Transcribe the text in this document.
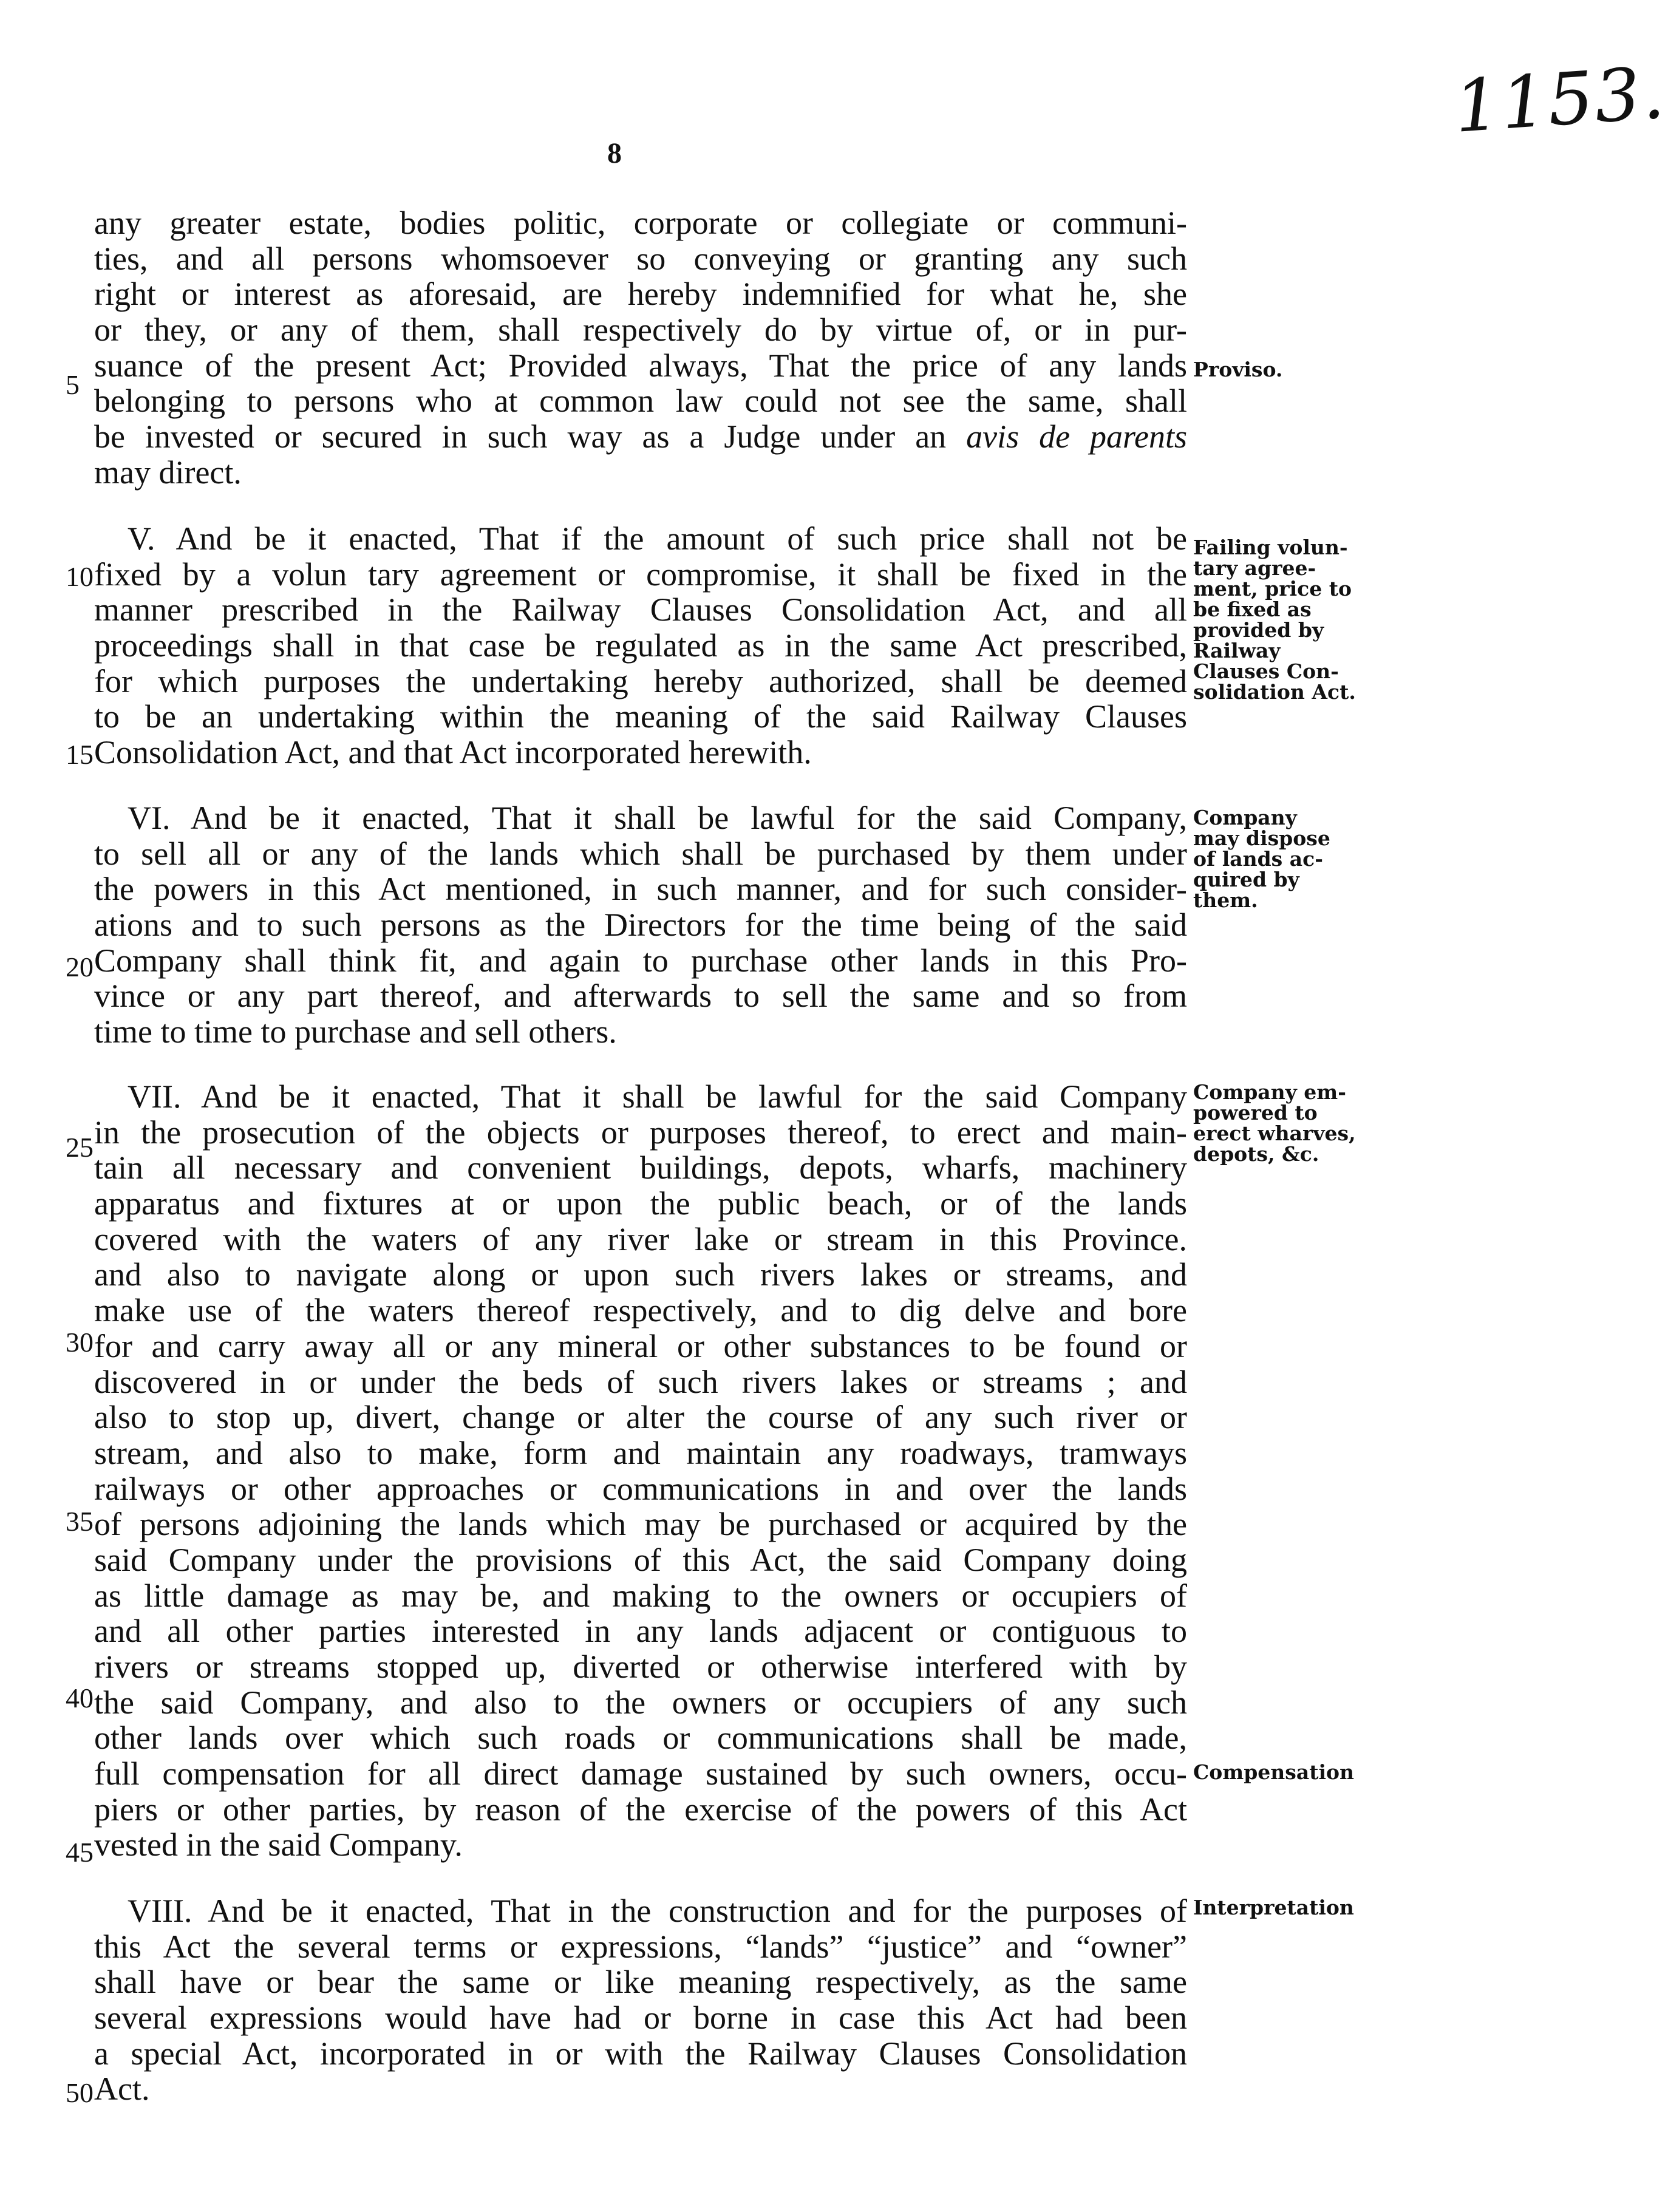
8
1153.
any greater estate, bodies politic, corporate or collegiate or communi-
ties, and all persons whomsoever so conveying or granting any such
right or interest as aforesaid, are hereby indemnified for what he, she
or they, or any of them, shall respectively do by virtue of, or in pur-
suance of the present Act; Provided always, That the price of any lands
belonging to persons who at common law could not see the same, shall
be invested or secured in such way as a Judge under an avis de parents
may direct.
V. And be it enacted, That if the amount of such price shall not be
fixed by a volun tary agreement or compromise, it shall be fixed in the
manner prescribed in the Railway Clauses Consolidation Act, and all
proceedings shall in that case be regulated as in the same Act prescribed,
for which purposes the undertaking hereby authorized, shall be deemed
to be an undertaking within the meaning of the said Railway Clauses
Consolidation Act, and that Act incorporated herewith.
VI. And be it enacted, That it shall be lawful for the said Company,
to sell all or any of the lands which shall be purchased by them under
the powers in this Act mentioned, in such manner, and for such consider-
ations and to such persons as the Directors for the time being of the said
Company shall think fit, and again to purchase other lands in this Pro-
vince or any part thereof, and afterwards to sell the same and so from
time to time to purchase and sell others.
VII. And be it enacted, That it shall be lawful for the said Company
in the prosecution of the objects or purposes thereof, to erect and main-
tain all necessary and convenient buildings, depots, wharfs, machinery
apparatus and fixtures at or upon the public beach, or of the lands
covered with the waters of any river lake or stream in this Province.
and also to navigate along or upon such rivers lakes or streams, and
make use of the waters thereof respectively, and to dig delve and bore
for and carry away all or any mineral or other substances to be found or
discovered in or under the beds of such rivers lakes or streams ; and
also to stop up, divert, change or alter the course of any such river or
stream, and also to make, form and maintain any roadways, tramways
railways or other approaches or communications in and over the lands
of persons adjoining the lands which may be purchased or acquired by the
said Company under the provisions of this Act, the said Company doing
as little damage as may be, and making to the owners or occupiers of
and all other parties interested in any lands adjacent or contiguous to
rivers or streams stopped up, diverted or otherwise interfered with by
the said Company, and also to the owners or occupiers of any such
other lands over which such roads or communications shall be made,
full compensation for all direct damage sustained by such owners, occu-
piers or other parties, by reason of the exercise of the powers of this Act
vested in the said Company.
VIII. And be it enacted, That in the construction and for the purposes of
this Act the several terms or expressions, “lands” “justice” and “owner”
shall have or bear the same or like meaning respectively, as the same
several expressions would have had or borne in case this Act had been
a special Act, incorporated in or with the Railway Clauses Consolidation
Act.
5
10
15
20
25
30
35
40
45
50
Proviso.
Failing volun-
tary agree-
ment, price to
be fixed as
provided by
Railway
Clauses Con-
solidation Act.
Company
may dispose
of lands ac-
quired by
them.
Company em-
powered to
erect wharves,
depots, &c.
Compensation
Interpretation
